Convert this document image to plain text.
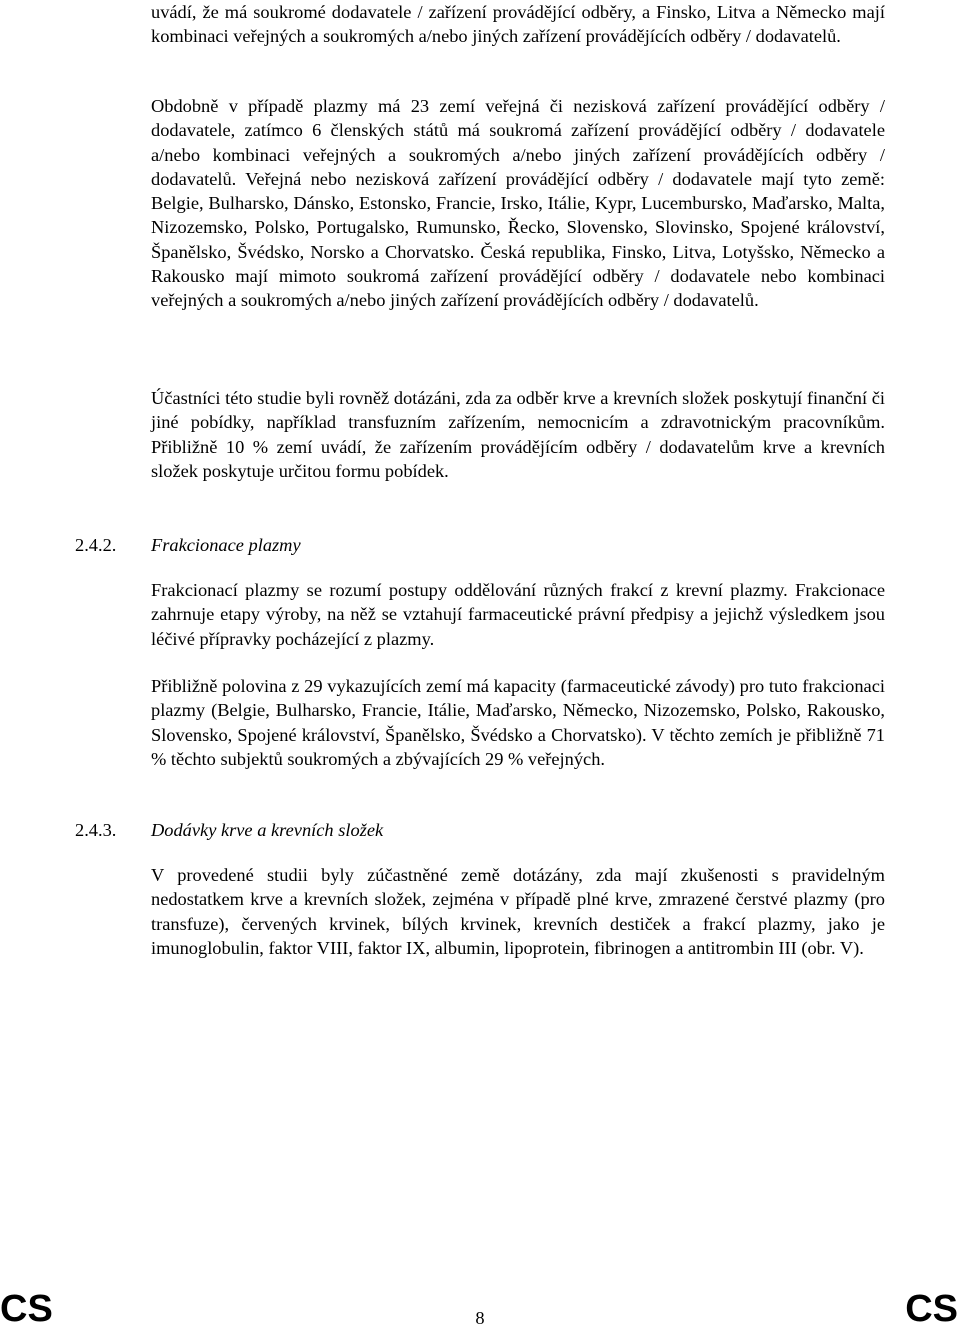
uvádí, že má soukromé dodavatele / zařízení provádějící odběry, a Finsko, Litva a Německo mají kombinaci veřejných a soukromých a/nebo jiných zařízení provádějících odběry / dodavatelů.

Obdobně v případě plazmy má 23 zemí veřejná či nezisková zařízení provádějící odběry / dodavatele, zatímco 6 členských států má soukromá zařízení provádějící odběry / dodavatele a/nebo kombinaci veřejných a soukromých a/nebo jiných zařízení provádějících odběry / dodavatelů. Veřejná nebo nezisková zařízení provádějící odběry / dodavatele mají tyto země: Belgie, Bulharsko, Dánsko, Estonsko, Francie, Irsko, Itálie, Kypr, Lucembursko, Maďarsko, Malta, Nizozemsko, Polsko, Portugalsko, Rumunsko, Řecko, Slovensko, Slovinsko, Spojené království, Španělsko, Švédsko, Norsko a Chorvatsko. Česká republika, Finsko, Litva, Lotyšsko, Německo a Rakousko mají mimoto soukromá zařízení provádějící odběry / dodavatele nebo kombinaci veřejných a soukromých a/nebo jiných zařízení provádějících odběry / dodavatelů.

Účastníci této studie byli rovněž dotázáni, zda za odběr krve a krevních složek poskytují finanční či jiné pobídky, například transfuzním zařízením, nemocnicím a zdravotnickým pracovníkům. Přibližně 10 % zemí uvádí, že zařízením provádějícím odběry / dodavatelům krve a krevních složek poskytuje určitou formu pobídek.

2.4.2. Frakcionace plazmy

Frakcionací plazmy se rozumí postupy oddělování různých frakcí z krevní plazmy. Frakcionace zahrnuje etapy výroby, na něž se vztahují farmaceutické právní předpisy a jejichž výsledkem jsou léčivé přípravky pocházející z plazmy.

Přibližně polovina z 29 vykazujících zemí má kapacity (farmaceutické závody) pro tuto frakcionaci plazmy (Belgie, Bulharsko, Francie, Itálie, Maďarsko, Německo, Nizozemsko, Polsko, Rakousko, Slovensko, Spojené království, Španělsko, Švédsko a Chorvatsko). V těchto zemích je přibližně 71 % těchto subjektů soukromých a zbývajících 29 % veřejných.

2.4.3. Dodávky krve a krevních složek

V provedené studii byly zúčastněné země dotázány, zda mají zkušenosti s pravidelným nedostatkem krve a krevních složek, zejména v případě plné krve, zmrazené čerstvé plazmy (pro transfuze), červených krvinek, bílých krvinek, krevních destiček a frakcí plazmy, jako je imunoglobulin, faktor VIII, faktor IX, albumin, lipoprotein, fibrinogen a antitrombin III (obr. V).

CS	8	CS
